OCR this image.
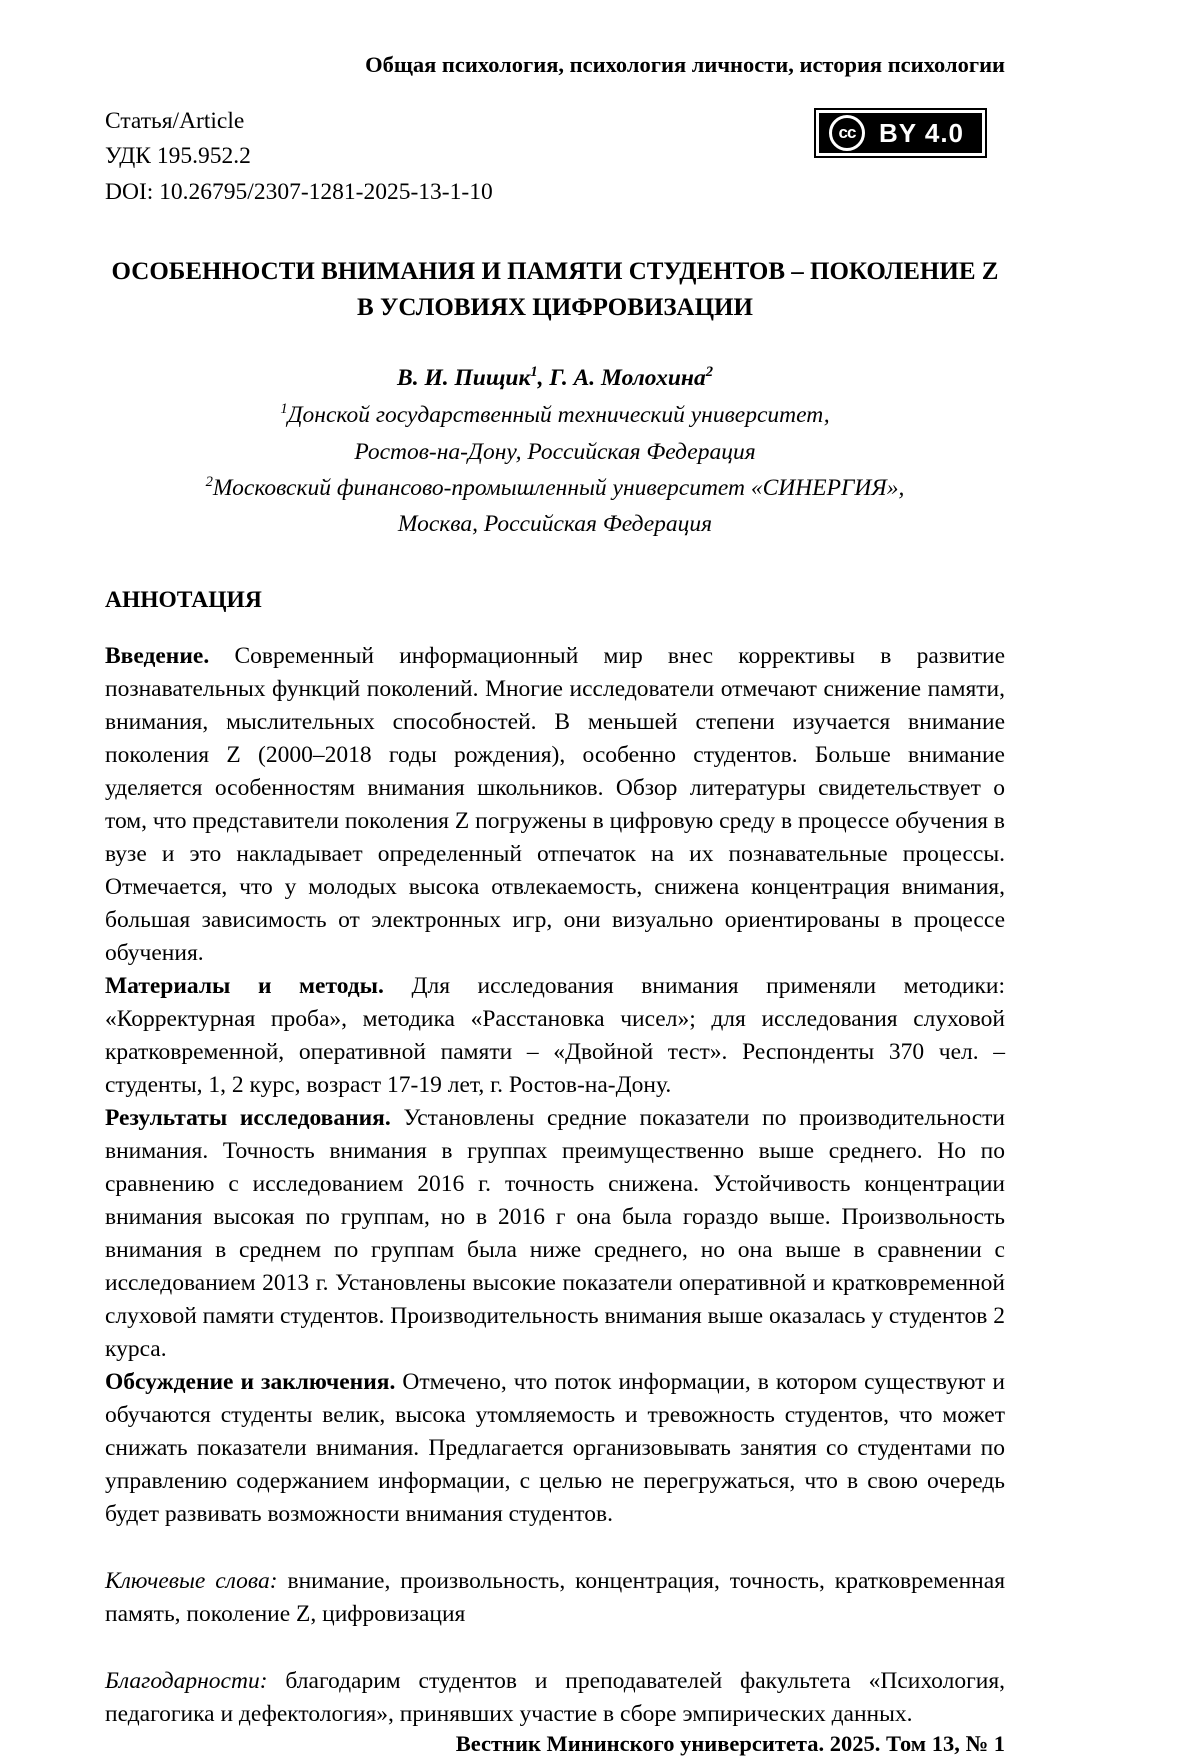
Общая психология, психология личности, история психологии
Статья/Article
УДК 195.952.2
DOI: 10.26795/2307-1281-2025-13-1-10
cc BY 4.0
ОСОБЕННОСТИ ВНИМАНИЯ И ПАМЯТИ СТУДЕНТОВ – ПОКОЛЕНИЕ Z
В УСЛОВИЯХ ЦИФРОВИЗАЦИИ

В. И. Пищик$^1$, Г. А. Молохина$^2$

$^1$Донской государственный технический университет,
Ростов-на-Дону, Российская Федерация
$^2$Московский финансово-промышленный университет «СИНЕРГИЯ»,
Москва, Российская Федерация
АННОТАЦИЯ

Введение. Современный информационный мир внес коррективы в развитие познавательных функций поколений. Многие исследователи отмечают снижение памяти, внимания, мыслительных способностей. В меньшей степени изучается внимание поколения Z (2000–2018 годы рождения), особенно студентов. Больше внимание уделяется особенностям внимания школьников. Обзор литературы свидетельствует о том, что представители поколения Z погружены в цифровую среду в процессе обучения в вузе и это накладывает определенный отпечаток на их познавательные процессы. Отмечается, что у молодых высока отвлекаемость, снижена концентрация внимания, большая зависимость от электронных игр, они визуально ориентированы в процессе обучения.

Материалы и методы. Для исследования внимания применяли методики: «Корректурная проба», методика «Расстановка чисел»; для исследования слуховой кратковременной, оперативной памяти – «Двойной тест». Респонденты 370 чел. – студенты, 1, 2 курс, возраст 17-19 лет, г. Ростов-на-Дону.

Результаты исследования. Установлены средние показатели по производительности внимания. Точность внимания в группах преимущественно выше среднего. Но по сравнению с исследованием 2016 г. точность снижена. Устойчивость концентрации внимания высокая по группам, но в 2016 г она была гораздо выше. Произвольность внимания в среднем по группам была ниже среднего, но она выше в сравнении с исследованием 2013 г. Установлены высокие показатели оперативной и кратковременной слуховой памяти студентов. Производительность внимания выше оказалась у студентов 2 курса.

Обсуждение и заключения. Отмечено, что поток информации, в котором существуют и обучаются студенты велик, высока утомляемость и тревожность студентов, что может снижать показатели внимания. Предлагается организовывать занятия со студентами по управлению содержанием информации, с целью не перегружаться, что в свою очередь будет развивать возможности внимания студентов.

Ключевые слова: внимание, произвольность, концентрация, точность, кратковременная память, поколение Z, цифровизация

Благодарности: благодарим студентов и преподавателей факультета «Психология, педагогика и дефектология», принявших участие в сборе эмпирических данных.

Вестник Мининского университета. 2025. Том 13, № 1
